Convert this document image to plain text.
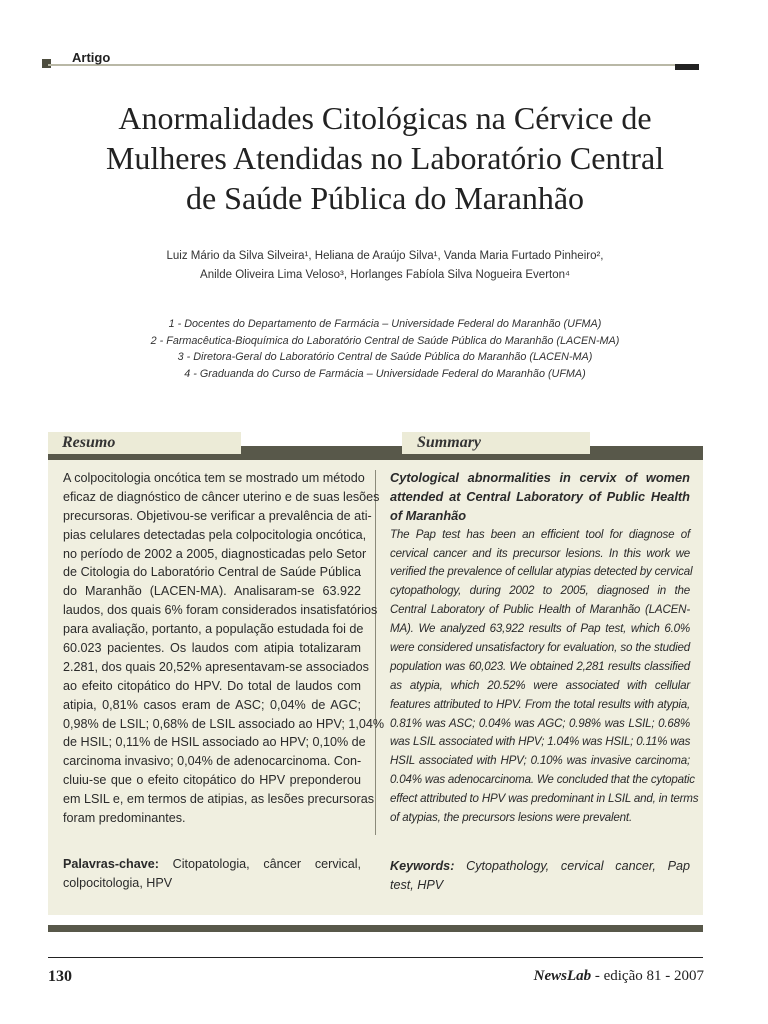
Artigo
Anormalidades Citológicas na Cérvice de
Mulheres Atendidas no Laboratório Central
de Saúde Pública do Maranhão
Luiz Mário da Silva Silveira¹, Heliana de Araújo Silva¹, Vanda Maria Furtado Pinheiro²,
Anilde Oliveira Lima Veloso³, Horlanges Fabíola Silva Nogueira Everton⁴
1 - Docentes do Departamento de Farmácia – Universidade Federal do Maranhão (UFMA)
2 - Farmacêutica-Bioquímica do Laboratório Central de Saúde Pública do Maranhão (LACEN-MA)
3 - Diretora-Geral do Laboratório Central de Saúde Pública do Maranhão (LACEN-MA)
4 - Graduanda do Curso de Farmácia – Universidade Federal do Maranhão (UFMA)
Resumo	Summary
A colpocitologia oncótica tem se mostrado um método
eficaz de diagnóstico de câncer uterino e de suas lesões
precursoras. Objetivou-se verificar a prevalência de ati-
pias celulares detectadas pela colpocitologia oncótica,
no período de 2002 a 2005, diagnosticadas pelo Setor
de Citologia do Laboratório Central de Saúde Pública
do Maranhão (LACEN-MA). Analisaram-se 63.922
laudos, dos quais 6% foram considerados insatisfatórios
para avaliação, portanto, a população estudada foi de
60.023 pacientes. Os laudos com atipia totalizaram
2.281, dos quais 20,52% apresentavam-se associados
ao efeito citopático do HPV. Do total de laudos com
atipia, 0,81% casos eram de ASC; 0,04% de AGC;
0,98% de LSIL; 0,68% de LSIL associado ao HPV; 1,04%
de HSIL; 0,11% de HSIL associado ao HPV; 0,10% de
carcinoma invasivo; 0,04% de adenocarcinoma. Con-
cluiu-se que o efeito citopático do HPV preponderou
em LSIL e, em termos de atipias, as lesões precursoras
foram predominantes.
Palavras-chave: Citopatologia, câncer cervical,
colpocitologia, HPV
Cytological abnormalities in cervix of women
attended at Central Laboratory of Public Health
of Maranhão
The Pap test has been an efficient tool for diagnose of
cervical cancer and its precursor lesions. In this work we
verified the prevalence of cellular atypias detected by cervical
cytopathology, during 2002 to 2005, diagnosed in the
Central Laboratory of Public Health of Maranhão (LACEN-
MA). We analyzed 63,922 results of Pap test, which 6.0%
were considered unsatisfactory for evaluation, so the studied
population was 60,023. We obtained 2,281 results classified
as atypia, which 20.52% were associated with cellular
features attributed to HPV. From the total results with atypia,
0.81% was ASC; 0.04% was AGC; 0.98% was LSIL; 0.68%
was LSIL associated with HPV; 1.04% was HSIL; 0.11% was
HSIL associated with HPV; 0.10% was invasive carcinoma;
0.04% was adenocarcinoma. We concluded that the cytopatic
effect attributed to HPV was predominant in LSIL and, in terms
of atypias, the precursors lesions were prevalent.
Keywords: Cytopathology, cervical cancer, Pap
test, HPV
130	NewsLab - edição 81 - 2007
